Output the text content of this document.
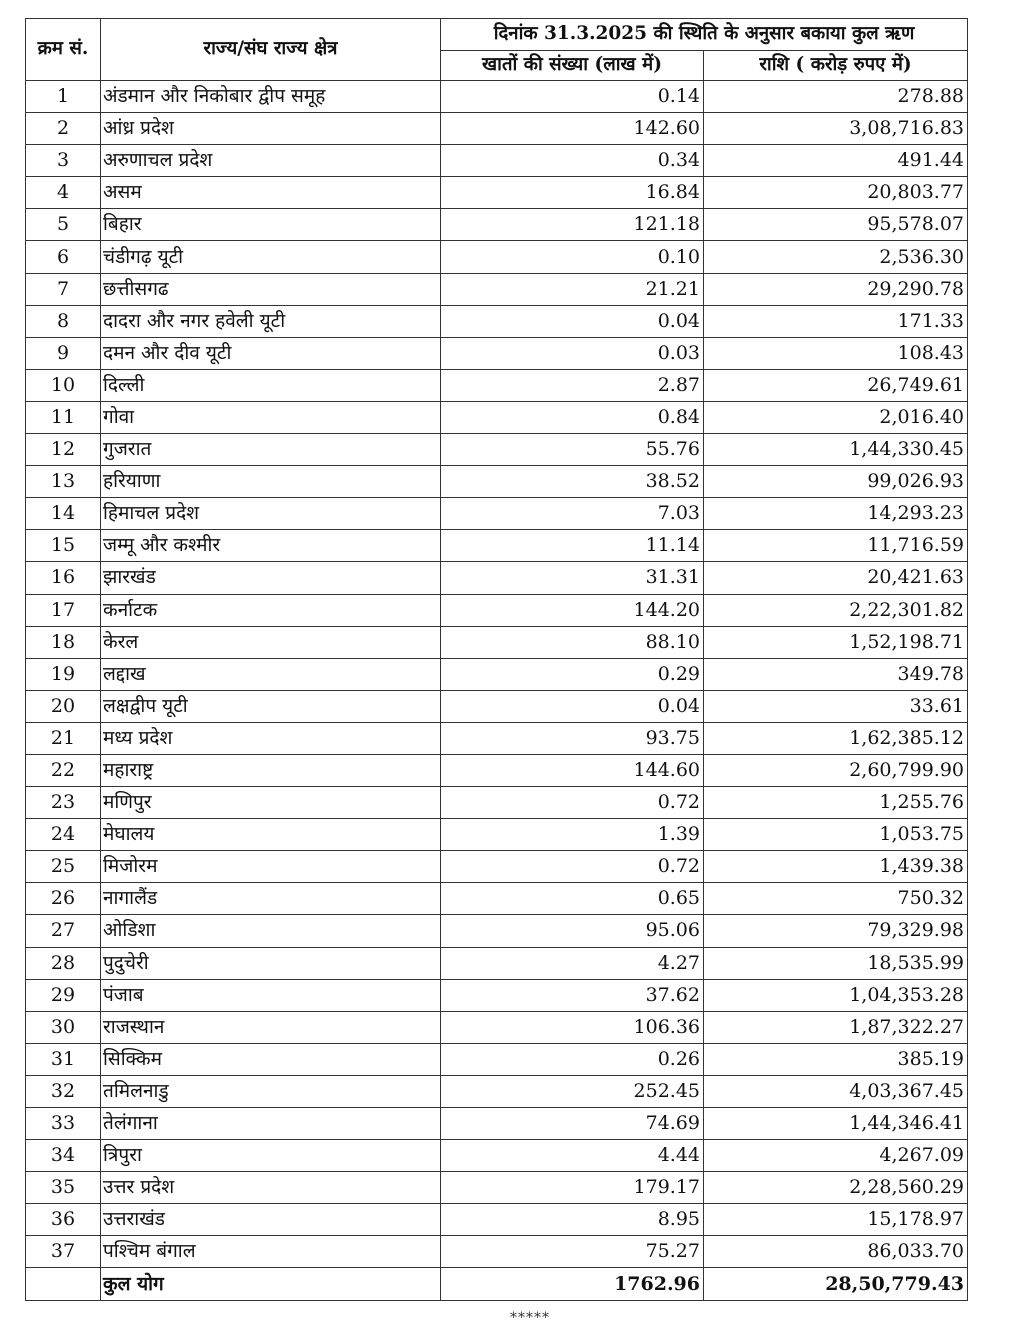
क्रम सं.	राज्य/संघ राज्य क्षेत्र	दिनांक 31.3.2025 की स्थिति के अनुसार बकाया कुल ऋण	
		खातों की संख्या (लाख में)	राशि ( करोड़ रुपए में)
1	अंडमान और निकोबार द्वीप समूह	0.14	278.88
2	आंध्र प्रदेश	142.60	3,08,716.83
3	अरुणाचल प्रदेश	0.34	491.44
4	असम	16.84	20,803.77
5	बिहार	121.18	95,578.07
6	चंडीगढ़ यूटी	0.10	2,536.30
7	छत्तीसगढ	21.21	29,290.78
8	दादरा और नगर हवेली यूटी	0.04	171.33
9	दमन और दीव यूटी	0.03	108.43
10	दिल्ली	2.87	26,749.61
11	गोवा	0.84	2,016.40
12	गुजरात	55.76	1,44,330.45
13	हरियाणा	38.52	99,026.93
14	हिमाचल प्रदेश	7.03	14,293.23
15	जम्मू और कश्मीर	11.14	11,716.59
16	झारखंड	31.31	20,421.63
17	कर्नाटक	144.20	2,22,301.82
18	केरल	88.10	1,52,198.71
19	लद्दाख	0.29	349.78
20	लक्षद्वीप यूटी	0.04	33.61
21	मध्य प्रदेश	93.75	1,62,385.12
22	महाराष्ट्र	144.60	2,60,799.90
23	मणिपुर	0.72	1,255.76
24	मेघालय	1.39	1,053.75
25	मिजोरम	0.72	1,439.38
26	नागालैंड	0.65	750.32
27	ओडिशा	95.06	79,329.98
28	पुदुचेरी	4.27	18,535.99
29	पंजाब	37.62	1,04,353.28
30	राजस्थान	106.36	1,87,322.27
31	सिक्किम	0.26	385.19
32	तमिलनाडु	252.45	4,03,367.45
33	तेलंगाना	74.69	1,44,346.41
34	त्रिपुरा	4.44	4,267.09
35	उत्तर प्रदेश	179.17	2,28,560.29
36	उत्तराखंड	8.95	15,178.97
37	पश्चिम बंगाल	75.27	86,033.70
	कुल योग	1762.96	28,50,779.43
*****
